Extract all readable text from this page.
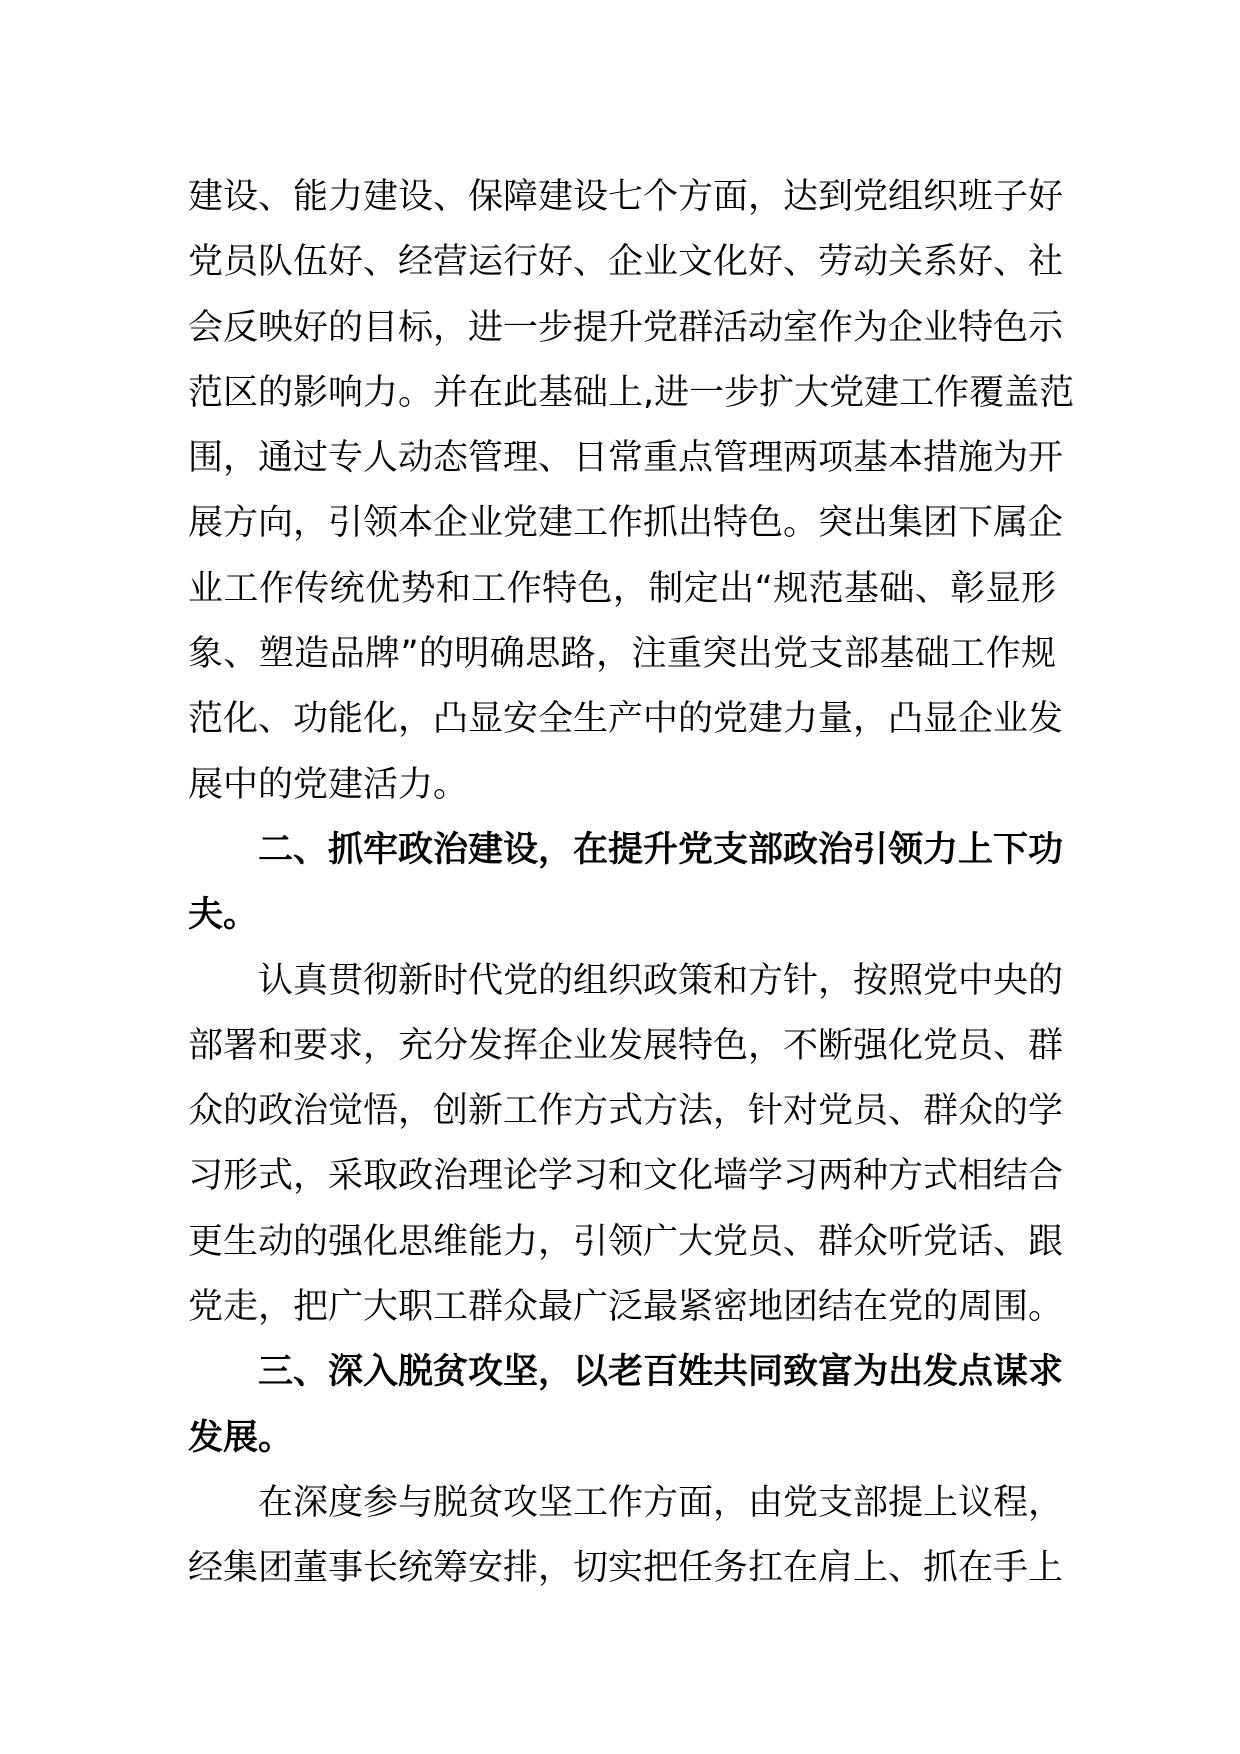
建设、能力建设、保障建设七个方面，达到党组织班子好
党员队伍好、经营运行好、企业文化好、劳动关系好、社
会反映好的目标，进一步提升党群活动室作为企业特色示
范区的影响力。并在此基础上,进一步扩大党建工作覆盖范
围，通过专人动态管理、日常重点管理两项基本措施为开
展方向，引领本企业党建工作抓出特色。突出集团下属企
业工作传统优势和工作特色，制定出“规范基础、彰显形
象、塑造品牌”的明确思路，注重突出党支部基础工作规
范化、功能化，凸显安全生产中的党建力量，凸显企业发
展中的党建活力。
二、抓牢政治建设，在提升党支部政治引领力上下功
夫。
认真贯彻新时代党的组织政策和方针，按照党中央的
部署和要求，充分发挥企业发展特色，不断强化党员、群
众的政治觉悟，创新工作方式方法，针对党员、群众的学
习形式，采取政治理论学习和文化墙学习两种方式相结合
更生动的强化思维能力，引领广大党员、群众听党话、跟
党走，把广大职工群众最广泛最紧密地团结在党的周围。
三、深入脱贫攻坚，以老百姓共同致富为出发点谋求
发展。
在深度参与脱贫攻坚工作方面，由党支部提上议程，
经集团董事长统筹安排，切实把任务扛在肩上、抓在手上
